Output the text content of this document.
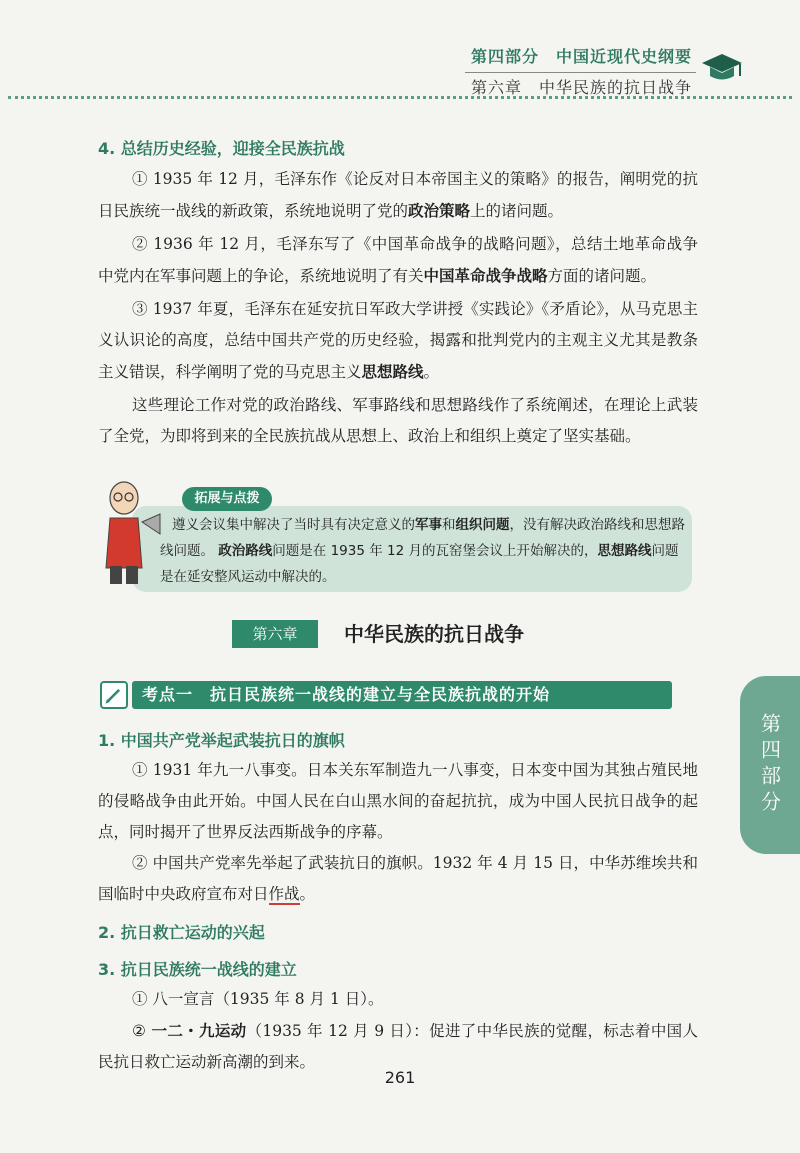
第四部分　中国近现代史纲要
第六章　中华民族的抗日战争
4. 总结历史经验，迎接全民族抗战

① 1935 年 12 月，毛泽东作《论反对日本帝国主义的策略》的报告，阐明党的抗日民族统一战线的新政策，系统地说明了党的政治策略上的诸问题。

② 1936 年 12 月，毛泽东写了《中国革命战争的战略问题》，总结土地革命战争中党内在军事问题上的争论，系统地说明了有关中国革命战争战略方面的诸问题。

③ 1937 年夏，毛泽东在延安抗日军政大学讲授《实践论》《矛盾论》，从马克思主义认识论的高度，总结中国共产党的历史经验，揭露和批判党内的主观主义尤其是教条主义错误，科学阐明了党的马克思主义思想路线。

这些理论工作对党的政治路线、军事路线和思想路线作了系统阐述，在理论上武装了全党，为即将到来的全民族抗战从思想上、政治上和组织上奠定了坚实基础。

拓展与点拨
遵义会议集中解决了当时具有决定意义的军事和组织问题，没有解决政治路线和思想路线问题。 政治路线问题是在 1935 年 12 月的瓦窑堡会议上开始解决的，思想路线问题是在延安整风运动中解决的。
第六章	中华民族的抗日战争
考点一　抗日民族统一战线的建立与全民族抗战的开始
1. 中国共产党举起武装抗日的旗帜

① 1931 年九一八事变。日本关东军制造九一八事变，日本变中国为其独占殖民地的侵略战争由此开始。中国人民在白山黑水间的奋起抗抗，成为中国人民抗日战争的起点，同时揭开了世界反法西斯战争的序幕。

② 中国共产党率先举起了武装抗日的旗帜。1932 年 4 月 15 日，中华苏维埃共和国临时中央政府宣布对日作战。

2. 抗日救亡运动的兴起
3. 抗日民族统一战线的建立

① 八一宣言（1935 年 8 月 1 日）。

② 一二・九运动（1935 年 12 月 9 日）：促进了中华民族的觉醒，标志着中国人民抗日救亡运动新高潮的到来。

第四部分
261
